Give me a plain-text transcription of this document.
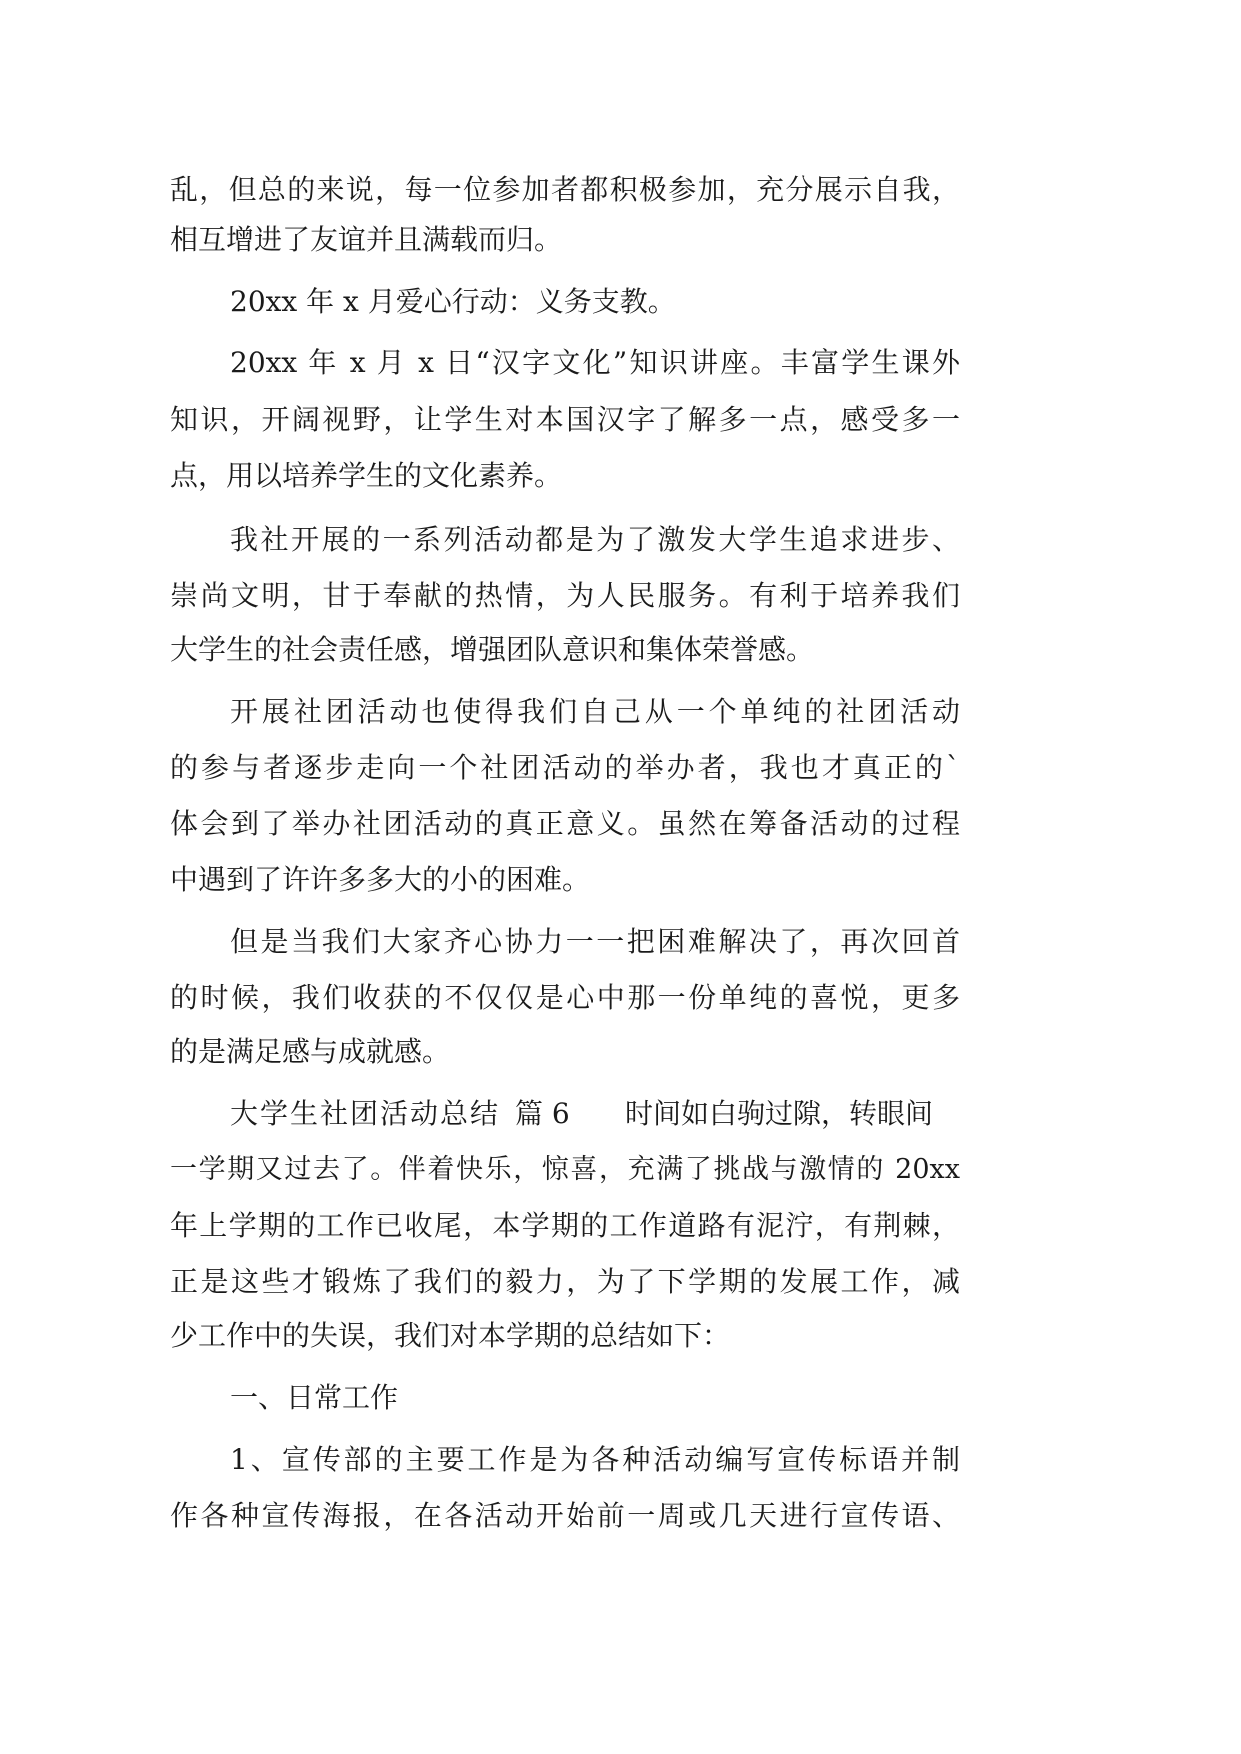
乱，但总的来说，每一位参加者都积极参加，充分展示自我，
相互增进了友谊并且满载而归。
20xx 年 x 月爱心行动：义务支教。
20xx 年 x 月 x 日“汉字文化”知识讲座。丰富学生课外
知识，开阔视野，让学生对本国汉字了解多一点，感受多一
点，用以培养学生的文化素养。
我社开展的一系列活动都是为了激发大学生追求进步、
崇尚文明，甘于奉献的热情，为人民服务。有利于培养我们
大学生的社会责任感，增强团队意识和集体荣誉感。
开展社团活动也使得我们自己从一个单纯的社团活动
的参与者逐步走向一个社团活动的举办者，我也才真正的`
体会到了举办社团活动的真正意义。虽然在筹备活动的过程
中遇到了许许多多大的小的困难。
但是当我们大家齐心协力一一把困难解决了，再次回首
的时候，我们收获的不仅仅是心中那一份单纯的喜悦，更多
的是满足感与成就感。
大学生社团活动总结 篇 6 时间如白驹过隙，转眼间
一学期又过去了。伴着快乐，惊喜，充满了挑战与激情的 20xx
年上学期的工作已收尾，本学期的工作道路有泥泞，有荆棘，
正是这些才锻炼了我们的毅力，为了下学期的发展工作，减
少工作中的失误，我们对本学期的总结如下：
一、日常工作
1、宣传部的主要工作是为各种活动编写宣传标语并制
作各种宣传海报，在各活动开始前一周或几天进行宣传语、
